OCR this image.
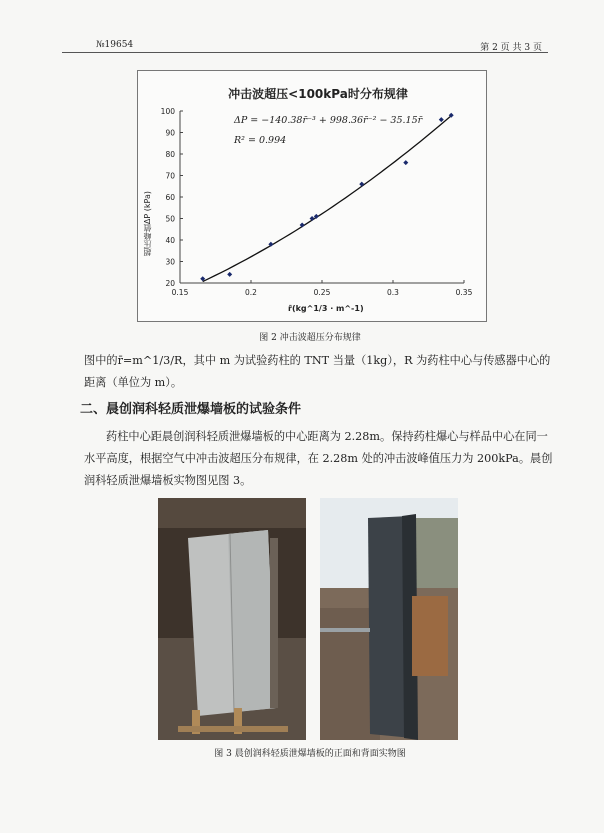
№19654	第 2 页 共 3 页
20
30
40
50
60
70
80
90
100
0.15	0.2	0.25	0.3	0.35
冲击波超压<100kPa时分布规律
ΔP = −140.38r̄⁻³ + 998.36r̄⁻² − 35.15r̄
R² = 0.994
超压峰值ΔP (kPa)
r̄(kg^1/3 · m^-1)
图 2 冲击波超压分布规律
图中的r̄=m^1/3/R，其中 m 为试验药柱的 TNT 当量（1kg），R 为药柱中心与传感器中心的距离（单位为 m）。
二、晨创润科轻质泄爆墙板的试验条件
药柱中心距晨创润科轻质泄爆墙板的中心距离为 2.28m。保持药柱爆心与样品中心在同一水平高度，根据空气中冲击波超压分布规律，在 2.28m 处的冲击波峰值压力为 200kPa。晨创润科轻质泄爆墙板实物图见图 3。
图 3 晨创润科轻质泄爆墙板的正面和背面实物图
